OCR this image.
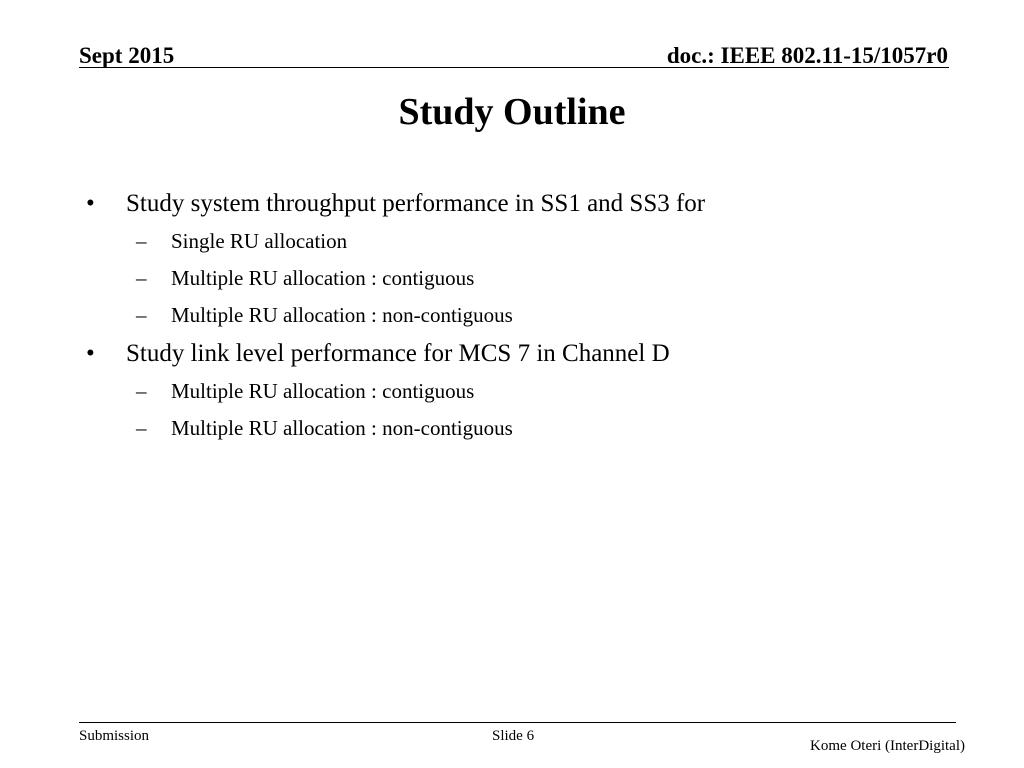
Sept 2015	doc.: IEEE 802.11-15/1057r0
Study Outline
•	Study system throughput performance in SS1 and SS3 for
– Single RU allocation
– Multiple RU allocation : contiguous
– Multiple RU allocation : non-contiguous
•	Study link level performance for MCS 7 in Channel D
– Multiple RU allocation : contiguous
– Multiple RU allocation : non-contiguous
Submission	Slide 6
Kome Oteri (InterDigital)
